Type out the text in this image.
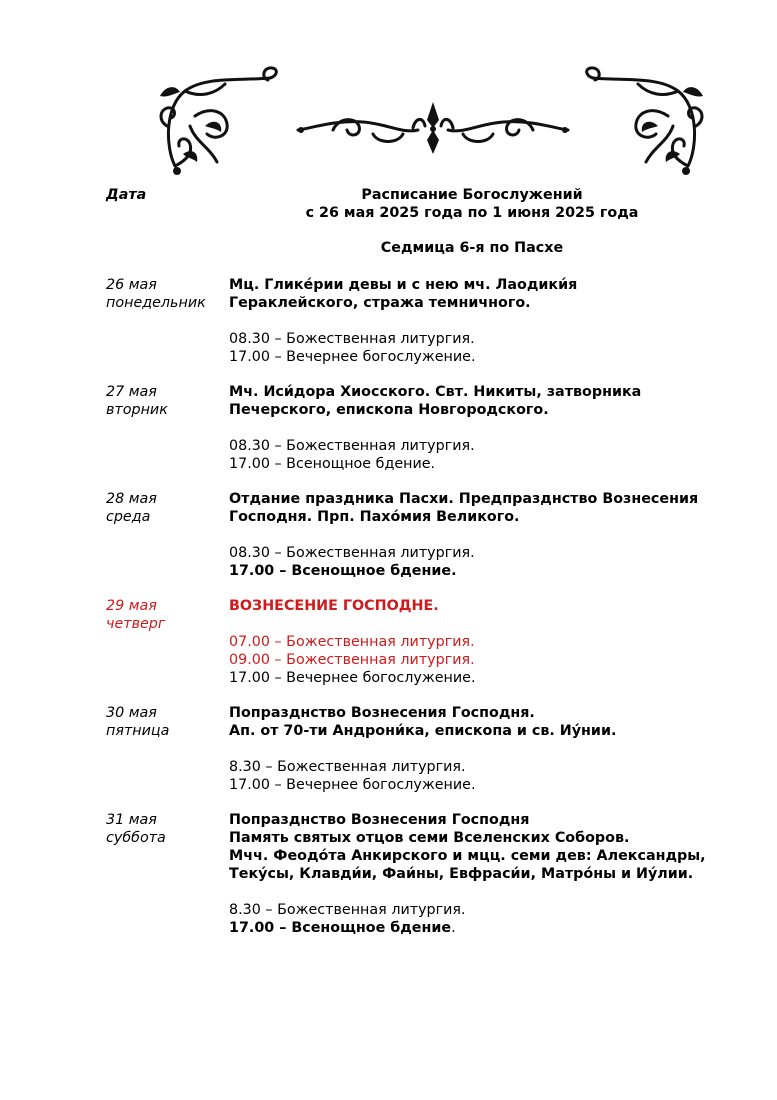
Дата	Расписание Богослужений
с 26 мая 2025 года по 1 июня 2025 года
Седмица 6-я по Пасхе
26 мая
понедельник
Мц. Глике́рии девы и с нею мч. Лаодики́я
Гераклейского, стража темничного.
08.30 – Божественная литургия.
17.00 – Вечернее богослужение.
27 мая
вторник
Мч. Иси́дора Хиосского. Свт. Никиты, затворника
Печерского, епископа Новгородского.
08.30 – Божественная литургия.
17.00 – Всенощное бдение.
28 мая
среда
Отдание праздника Пасхи. Предпразднство Вознесения
Господня. Прп. Пахо́мия Великого.
08.30 – Божественная литургия.
17.00 – Всенощное бдение.
29 мая
четверг
ВОЗНЕСЕНИЕ ГОСПОДНЕ.
07.00 – Божественная литургия.
09.00 – Божественная литургия.
17.00 – Вечернее богослужение.
30 мая
пятница
Попразднство Вознесения Господня.
Ап. от 70-ти Андрони́ка, епископа и св. Иу́нии.
8.30 – Божественная литургия.
17.00 – Вечернее богослужение.
31 мая
суббота
Попразднство Вознесения Господня
Память святых отцов семи Вселенских Соборов.
Мчч. Феодо́та Анкирского и мцц. семи дев: Александры,
Теку́сы, Клавди́и, Фаи́ны, Евфраси́и, Матро́ны и Иу́лии.
8.30 – Божественная литургия.
17.00 – Всенощное бдение.
